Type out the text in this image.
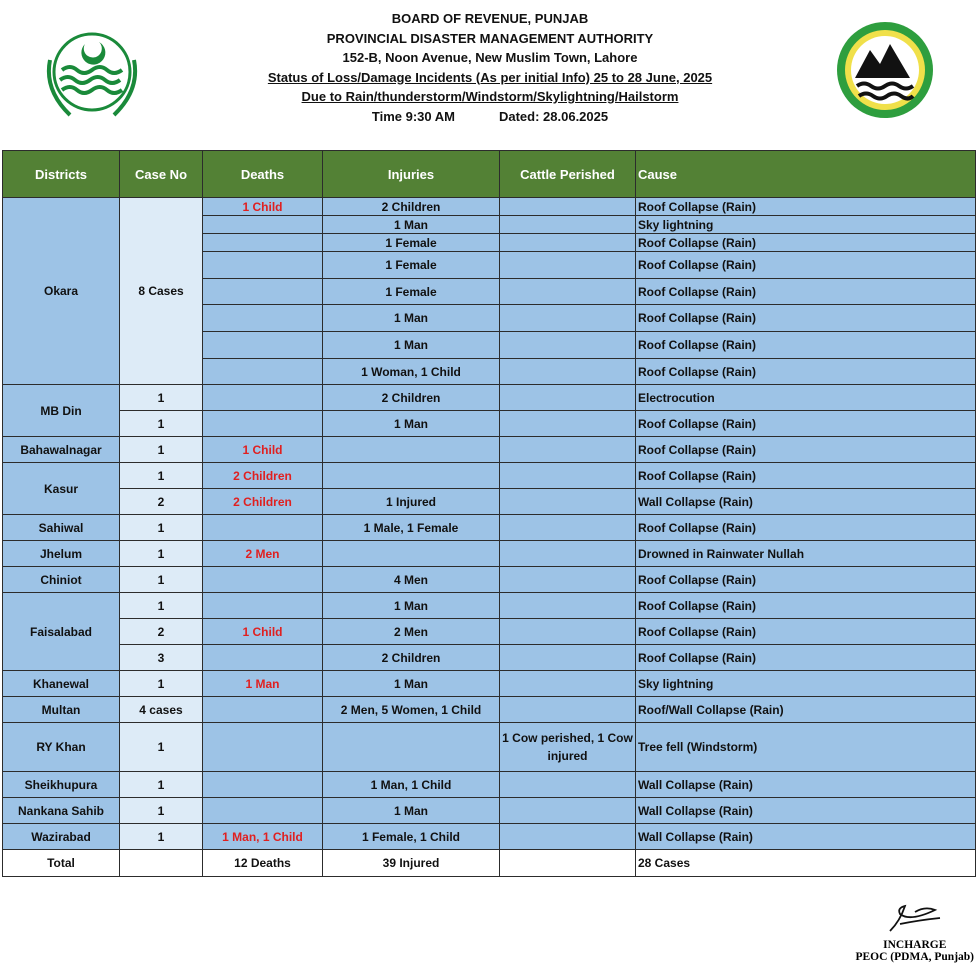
BOARD OF REVENUE, PUNJAB
PROVINCIAL DISASTER MANAGEMENT AUTHORITY
152-B, Noon Avenue, New Muslim Town, Lahore
Status of Loss/Damage Incidents (As per initial Info) 25 to 28 June, 2025
Due to Rain/thunderstorm/Windstorm/Skylightning/Hailstorm
Time 9:30 AM	Dated: 28.06.2025
Districts	Case No	Deaths	Injuries	Cattle Perished	Cause
Okara	8 Cases	1 Child	2 Children		Roof Collapse (Rain)
			1 Man		Sky lightning
			1 Female		Roof Collapse (Rain)
			1 Female		Roof Collapse (Rain)
			1 Female		Roof Collapse (Rain)
			1 Man		Roof Collapse (Rain)
			1 Man		Roof Collapse (Rain)
			1 Woman, 1 Child		Roof Collapse (Rain)
MB Din	1		2 Children		Electrocution
	1		1 Man		Roof Collapse (Rain)
Bahawalnagar	1	1 Child			Roof Collapse (Rain)
Kasur	1	2 Children			Roof Collapse (Rain)
	2	2 Children	1 Injured		Wall Collapse (Rain)
Sahiwal	1		1 Male, 1 Female		Roof Collapse (Rain)
Jhelum	1	2 Men			Drowned in Rainwater Nullah
Chiniot	1		4 Men		Roof Collapse (Rain)
Faisalabad	1		1 Man		Roof Collapse (Rain)
	2	1 Child	2 Men		Roof Collapse (Rain)
	3		2 Children		Roof Collapse (Rain)
Khanewal	1	1 Man	1 Man		Sky lightning
Multan	4 cases		2 Men, 5 Women, 1 Child		Roof/Wall Collapse (Rain)
RY Khan	1			1 Cow perished, 1 Cow injured	Tree fell (Windstorm)
Sheikhupura	1		1 Man, 1 Child		Wall Collapse (Rain)
Nankana Sahib	1		1 Man		Wall Collapse (Rain)
Wazirabad	1	1 Man, 1 Child	1 Female, 1 Child		Wall Collapse (Rain)
Total		12 Deaths	39 Injured		28 Cases
INCHARGE
PEOC (PDMA, Punjab)
